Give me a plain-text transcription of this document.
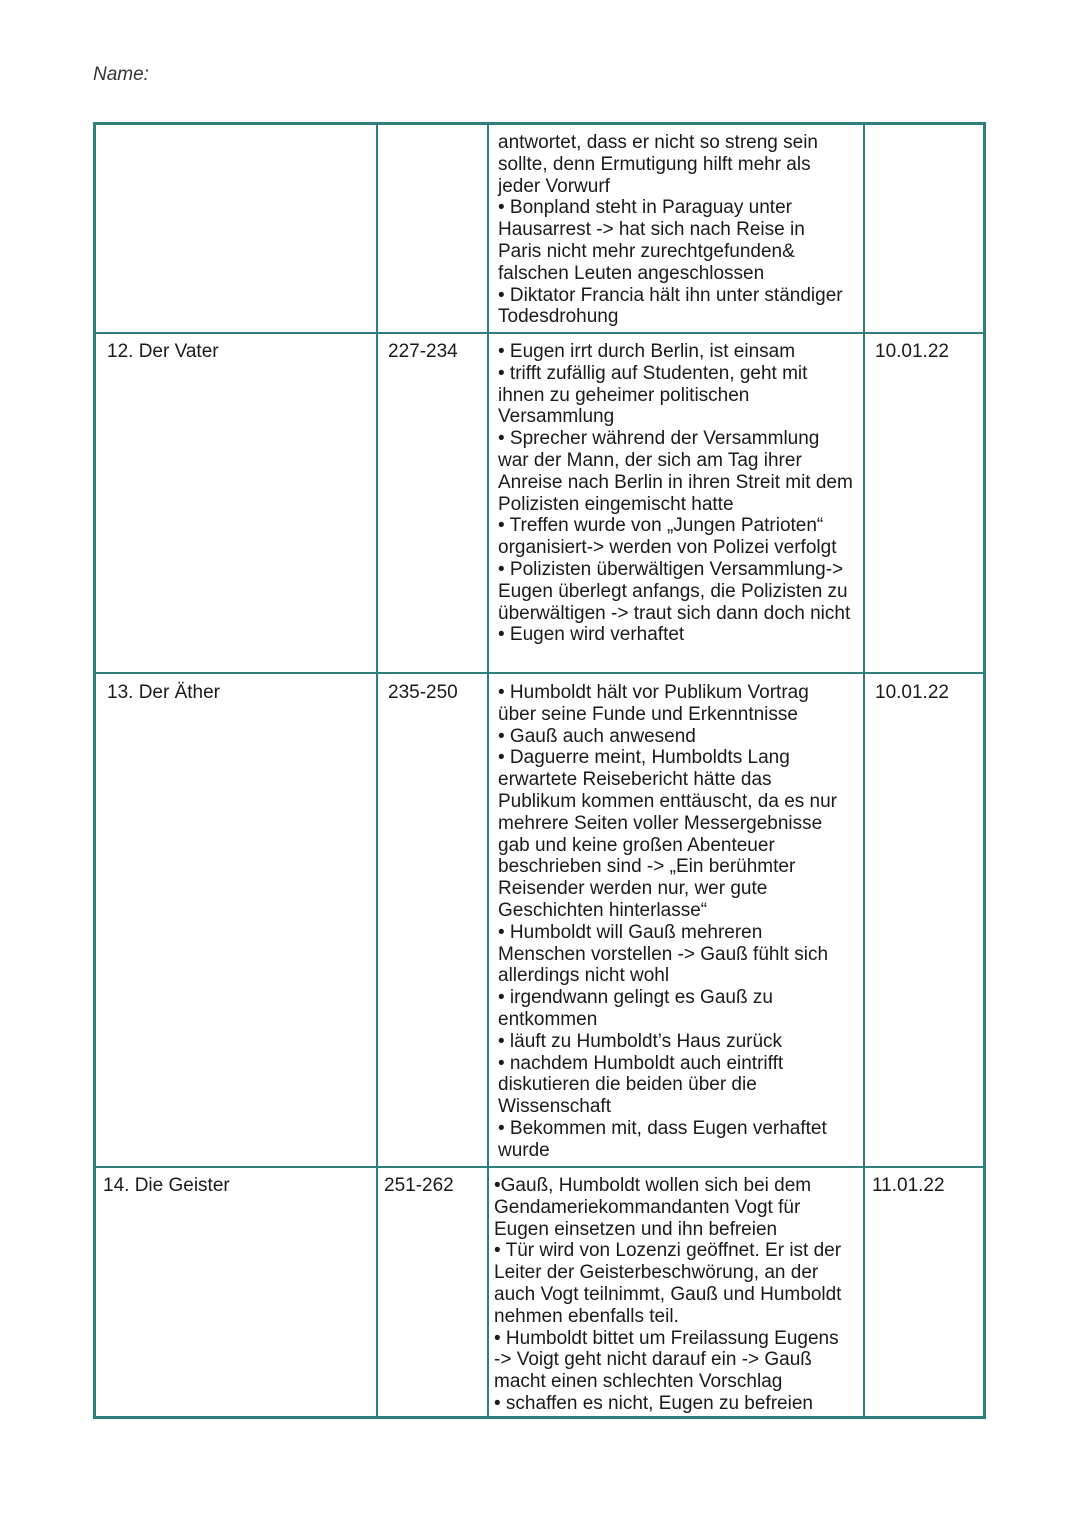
Name:
antwortet, dass er nicht so streng sein
sollte, denn Ermutigung hilft mehr als
jeder Vorwurf
• Bonpland steht in Paraguay unter
Hausarrest -> hat sich nach Reise in
Paris nicht mehr zurechtgefunden&
falschen Leuten angeschlossen
• Diktator Francia hält ihn unter ständiger
Todesdrohung
12. Der Vater	227-234 • Eugen irrt durch Berlin, ist einsam
• trifft zufällig auf Studenten, geht mit
ihnen zu geheimer politischen
Versammlung
• Sprecher während der Versammlung
war der Mann, der sich am Tag ihrer
Anreise nach Berlin in ihren Streit mit dem
Polizisten eingemischt hatte
• Treffen wurde von „Jungen Patrioten“
organisiert-> werden von Polizei verfolgt
• Polizisten überwältigen Versammlung->
Eugen überlegt anfangs, die Polizisten zu
überwältigen -> traut sich dann doch nicht
• Eugen wird verhaftet
10.01.22
13. Der Äther	235-250 • Humboldt hält vor Publikum Vortrag
über seine Funde und Erkenntnisse
• Gauß auch anwesend
• Daguerre meint, Humboldts Lang
erwartete Reisebericht hätte das
Publikum kommen enttäuscht, da es nur
mehrere Seiten voller Messergebnisse
gab und keine großen Abenteuer
beschrieben sind -> „Ein berühmter
Reisender werden nur, wer gute
Geschichten hinterlasse“
• Humboldt will Gauß mehreren
Menschen vorstellen -> Gauß fühlt sich
allerdings nicht wohl
• irgendwann gelingt es Gauß zu
entkommen
• läuft zu Humboldt’s Haus zurück
• nachdem Humboldt auch eintrifft
diskutieren die beiden über die
Wissenschaft
• Bekommen mit, dass Eugen verhaftet
wurde
10.01.22
14. Die Geister	251-262 •Gauß, Humboldt wollen sich bei dem
Gendameriekommandanten Vogt für
Eugen einsetzen und ihn befreien
• Tür wird von Lozenzi geöffnet. Er ist der
Leiter der Geisterbeschwörung, an der
auch Vogt teilnimmt, Gauß und Humboldt
nehmen ebenfalls teil.
• Humboldt bittet um Freilassung Eugens
-> Voigt geht nicht darauf ein -> Gauß
macht einen schlechten Vorschlag
• schaffen es nicht, Eugen zu befreien
11.01.22
